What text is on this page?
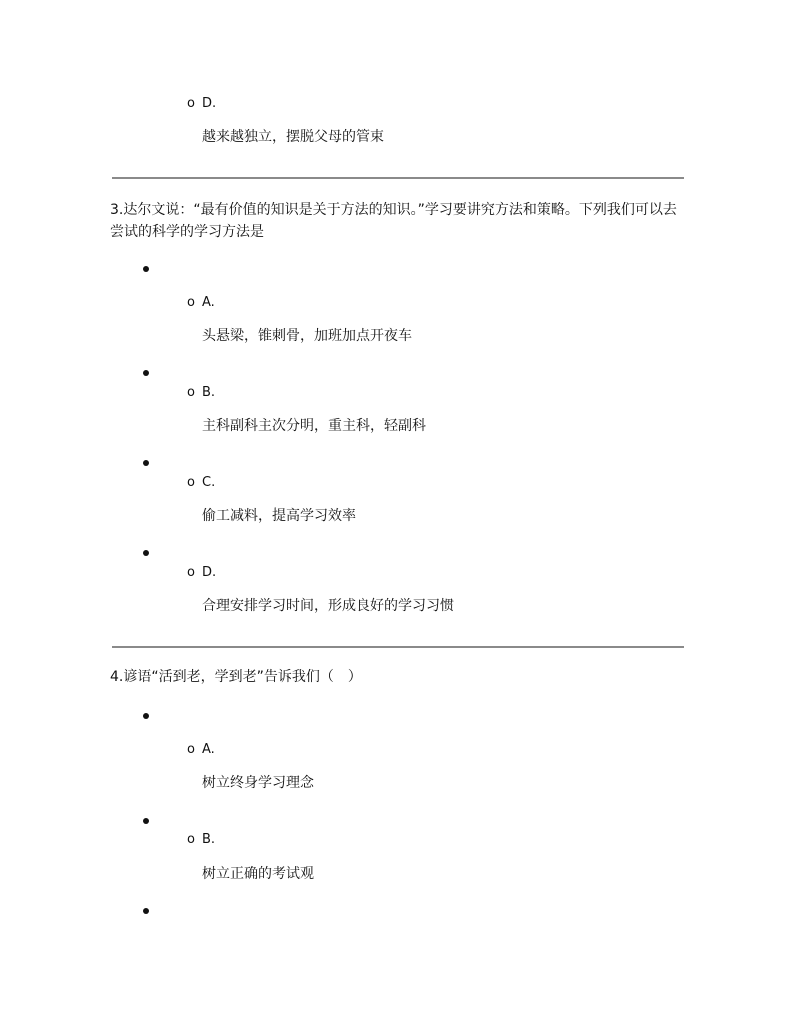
o D.
越来越独立，摆脱父母的管束
3.达尔文说：“最有价值的知识是关于方法的知识。”学习要讲究方法和策略。下列我们可以去尝试的科学的学习方法是
o A.
头悬梁，锥刺骨，加班加点开夜车
o B.
主科副科主次分明，重主科，轻副科
o C.
偷工减料，提高学习效率
o D.
合理安排学习时间，形成良好的学习习惯
4.谚语“活到老，学到老”告诉我们（　）
o A.
树立终身学习理念
o B.
树立正确的考试观
